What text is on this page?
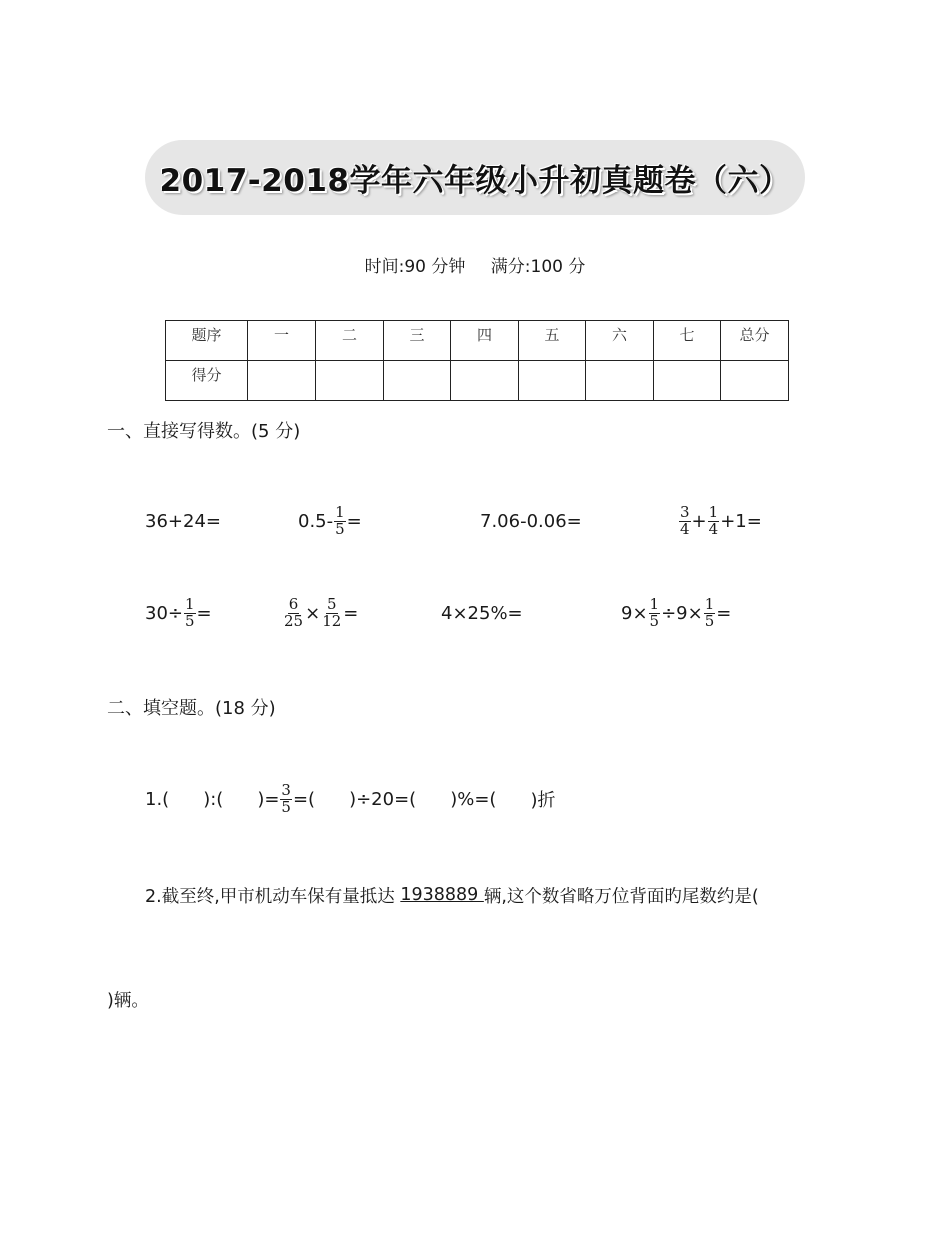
2017-2018学年六年级小升初真题卷（六）
时间:90 分钟 满分:100 分
题序	一	二	三	四	五	六	七	总分
得分								
一、直接写得数。(5 分)
36+24=	$0.5- \frac{1}{5}$ =	7.06-0.06=	$\frac{3}{4} + \frac{1}{4} +1=$
$30\div \frac{1}{5}$ =	$\frac{6}{25} \times \frac{5}{12}$ =	4×25%=	$9\times \frac{1}{5} \div 9\times \frac{1}{5}$ =
二、填空题。(18 分)
1.( ):( )= $\frac{3}{5}$ =( )÷20=( )%=( )折
2.截至终,甲市机动车保有量抵达 1938889 辆,这个数省略万位背面旳尾数约是(
)辆。
